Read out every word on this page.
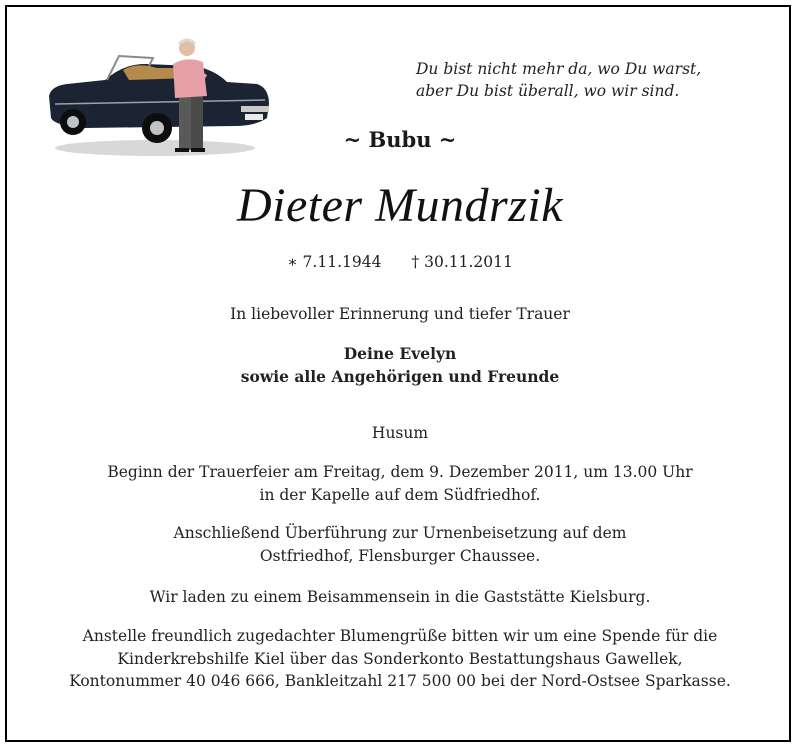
Du bist nicht mehr da, wo Du warst,
aber Du bist überall, wo wir sind.
~ Bubu ~
Dieter Mundrzik
∗ 7.11.1944 † 30.11.2011
In liebevoller Erinnerung und tiefer Trauer
Deine Evelyn
sowie alle Angehörigen und Freunde
Husum
Beginn der Trauerfeier am Freitag, dem 9. Dezember 2011, um 13.00 Uhr
in der Kapelle auf dem Südfriedhof.
Anschließend Überführung zur Urnenbeisetzung auf dem
Ostfriedhof, Flensburger Chaussee.
Wir laden zu einem Beisammensein in die Gaststätte Kielsburg.
Anstelle freundlich zugedachter Blumengrüße bitten wir um eine Spende für die
Kinderkrebshilfe Kiel über das Sonderkonto Bestattungshaus Gawellek,
Kontonummer 40 046 666, Bankleitzahl 217 500 00 bei der Nord-Ostsee Sparkasse.
